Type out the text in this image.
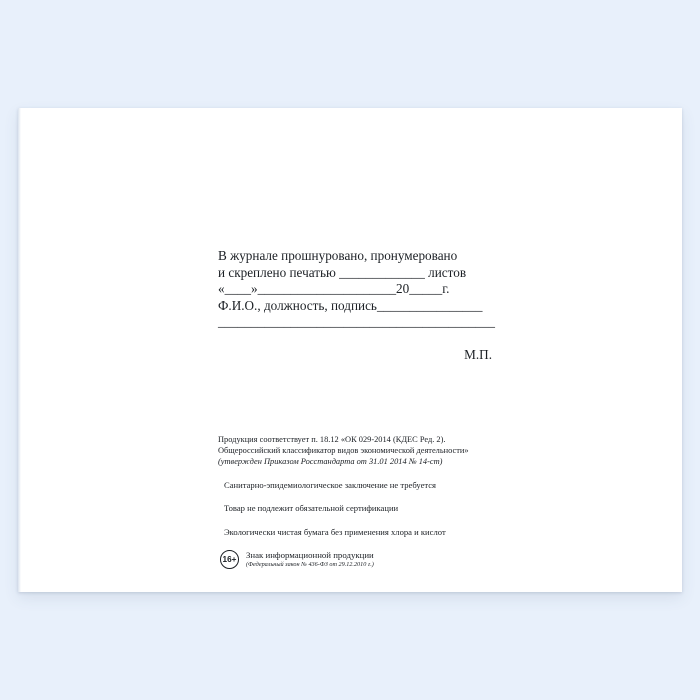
В журнале прошнуровано, пронумеровано
и скреплено печатью _____________ листов
«____»_____________________20_____г.
Ф.И.О., должность, подпись________________
__________________________________________
М.П.
Продукция соответствует п. 18.12 «ОК 029-2014 (КДЕС Ред. 2).
Общероссийский классификатор видов экономической деятельности»
(утвержден Приказом Росстандарта от 31.01 2014 № 14-ст)
Санитарно-эпидемиологическое заключение не требуется
Товар не подлежит обязательной сертификации
Экологически чистая бумага без применения хлора и кислот
16+ Знак информационной продукции
(Федеральный закон № 436-ФЗ от 29.12.2010 г.)
